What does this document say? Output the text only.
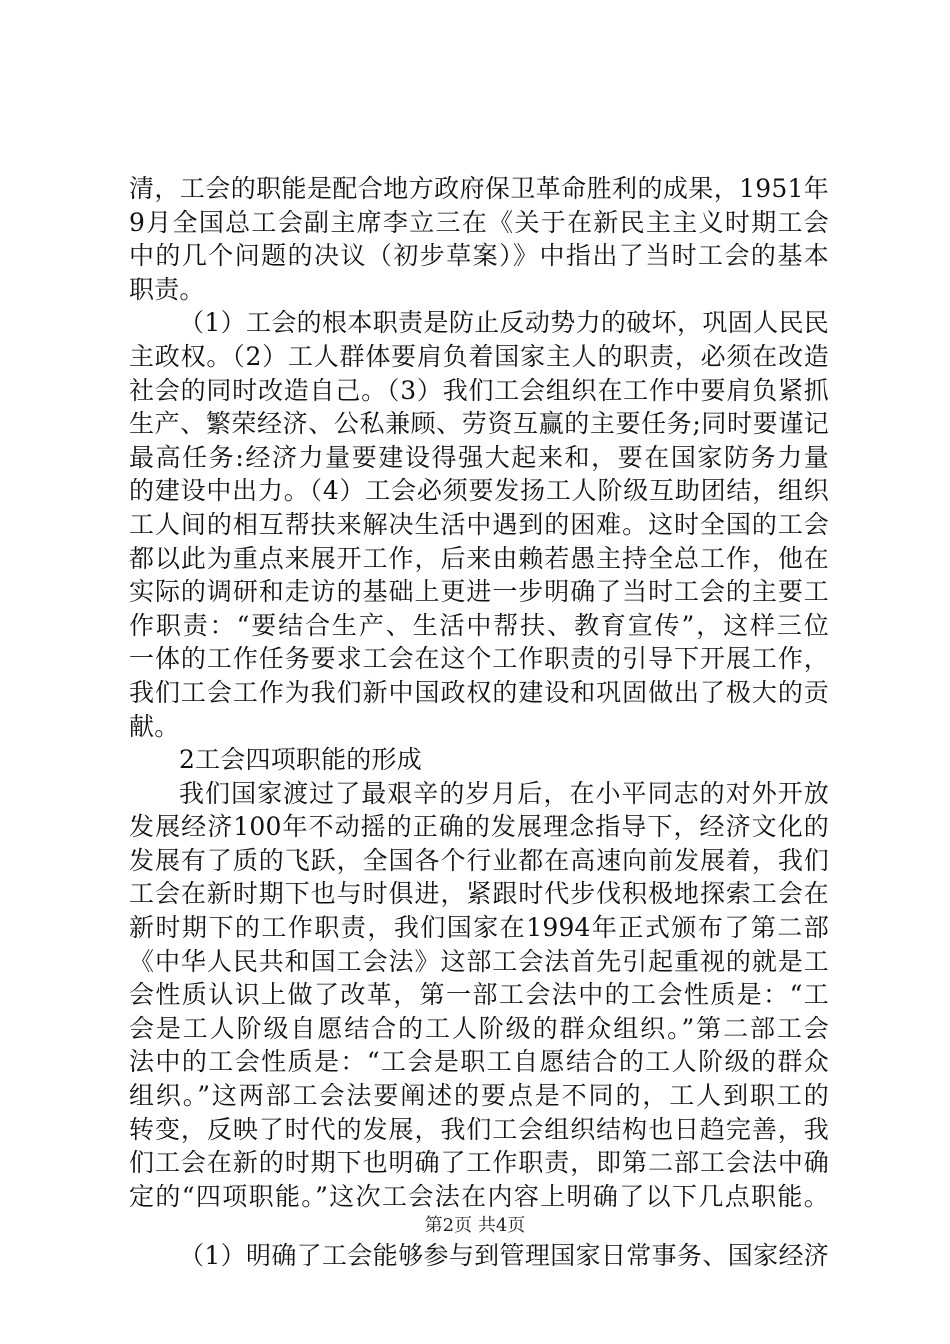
清，工会的职能是配合地方政府保卫革命胜利的成果，1951年
9月全国总工会副主席李立三在《关于在新民主主义时期工会
中的几个问题的决议（初步草案）》中指出了当时工会的基本
职责。
（1）工会的根本职责是防止反动势力的破坏，巩固人民民
主政权。（2）工人群体要肩负着国家主人的职责，必须在改造
社会的同时改造自己。（3）我们工会组织在工作中要肩负紧抓
生产、繁荣经济、公私兼顾、劳资互赢的主要任务;同时要谨记
最高任务:经济力量要建设得强大起来和，要在国家防务力量
的建设中出力。（4）工会必须要发扬工人阶级互助团结，组织
工人间的相互帮扶来解决生活中遇到的困难。这时全国的工会
都以此为重点来展开工作，后来由赖若愚主持全总工作，他在
实际的调研和走访的基础上更进一步明确了当时工会的主要工
作职责：“要结合生产、生活中帮扶、教育宣传”，这样三位
一体的工作任务要求工会在这个工作职责的引导下开展工作，
我们工会工作为我们新中国政权的建设和巩固做出了极大的贡
献。
2工会四项职能的形成
我们国家渡过了最艰辛的岁月后，在小平同志的对外开放
发展经济100年不动摇的正确的发展理念指导下，经济文化的
发展有了质的飞跃，全国各个行业都在高速向前发展着，我们
工会在新时期下也与时俱进，紧跟时代步伐积极地探索工会在
新时期下的工作职责，我们国家在1994年正式颁布了第二部
《中华人民共和国工会法》这部工会法首先引起重视的就是工
会性质认识上做了改革，第一部工会法中的工会性质是：“工
会是工人阶级自愿结合的工人阶级的群众组织。”第二部工会
法中的工会性质是：“工会是职工自愿结合的工人阶级的群众
组织。”这两部工会法要阐述的要点是不同的，工人到职工的
转变，反映了时代的发展，我们工会组织结构也日趋完善，我
们工会在新的时期下也明确了工作职责，即第二部工会法中确
定的“四项职能。”这次工会法在内容上明确了以下几点职能。
（1）明确了工会能够参与到管理国家日常事务、国家经济
第2页 共4页
